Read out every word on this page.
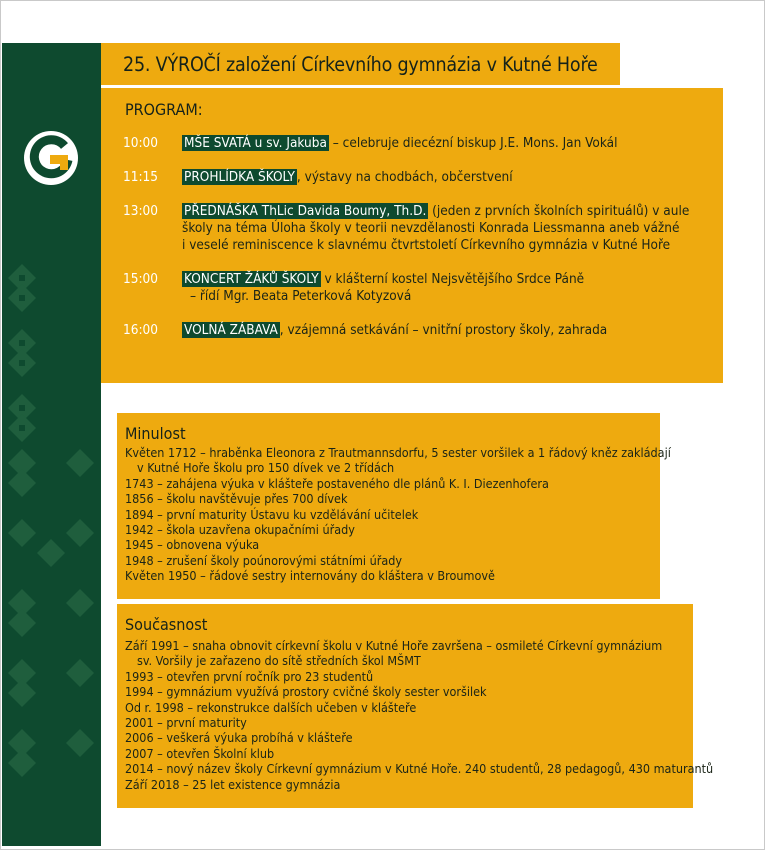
25. VÝROČÍ založení Církevního gymnázia v Kutné Hoře
PROGRAM:
10:00 MŠE SVATÁ u sv. Jakuba – celebruje diecézní biskup J.E. Mons. Jan Vokál
11:15 PROHLÍDKA ŠKOLY , výstavy na chodbách, občerstvení
13:00 PŘEDNÁŠKA ThLic Davida Boumy, Th.D. (jeden z prvních školních spirituálů) v aule
školy na téma Úloha školy v teorii nevzdělanosti Konrada Liessmanna aneb vážné
i veselé reminiscence k slavnému čtvrtstoletí Církevního gymnázia v Kutné Hoře
15:00 KONCERT ŽÁKŮ ŠKOLY v klášterní kostel Nejsvětějšího Srdce Páně
– řídí Mgr. Beata Peterková Kotyzová
16:00 VOLNÁ ZÁBAVA , vzájemná setkávání – vnitřní prostory školy, zahrada
Minulost
Květen 1712 – hraběnka Eleonora z Trautmannsdorfu, 5 sester voršilek a 1 řádový kněz zakládají
v Kutné Hoře školu pro 150 dívek ve 2 třídách
1743 – zahájena výuka v klášteře postaveného dle plánů K. I. Diezenhofera
1856 – školu navštěvuje přes 700 dívek
1894 – první maturity Ústavu ku vzdělávání učitelek
1942 – škola uzavřena okupačními úřady
1945 – obnovena výuka
1948 – zrušení školy poúnorovými státními úřady
Květen 1950 – řádové sestry internovány do kláštera v Broumově
Současnost
Září 1991 – snaha obnovit církevní školu v Kutné Hoře završena – osmileté Církevní gymnázium
sv. Voršily je zařazeno do sítě středních škol MŠMT
1993 – otevřen první ročník pro 23 studentů
1994 – gymnázium využívá prostory cvičné školy sester voršilek
Od r. 1998 – rekonstrukce dalších učeben v klášteře
2001 – první maturity
2006 – veškerá výuka probíhá v klášteře
2007 – otevřen Školní klub
2014 – nový název školy Církevní gymnázium v Kutné Hoře. 240 studentů, 28 pedagogů, 430 maturantů
Září 2018 – 25 let existence gymnázia
